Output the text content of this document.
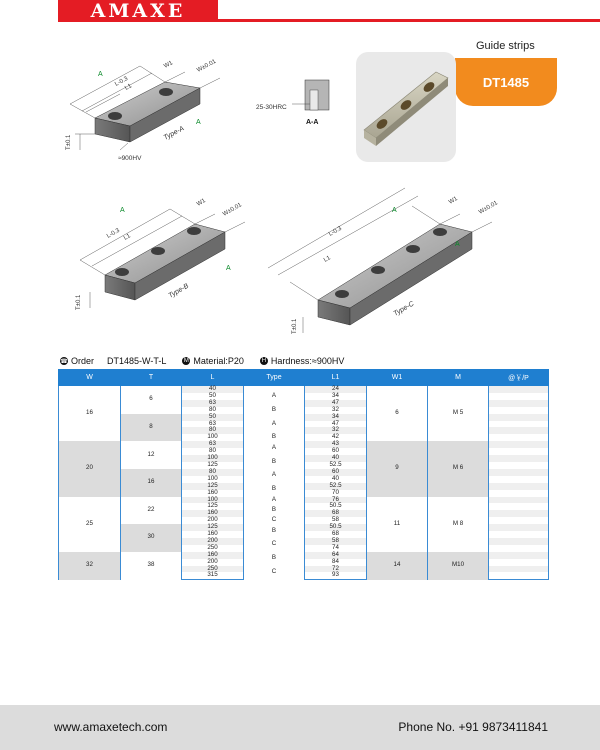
AMAXE
Guide strips
DT1485
A
A
L-0.3
L1
W1	W±0.01
T±0.1
Type-A
≈900HV
25-30HRC
A-A
A
A
L-0.3 L1
W1	W±0.01
T±0.1
Type-B
A
A
L-0.3
L1
W1	W±0.01
T±0.1
Type-C
☎ Order DT1485-W-T-L	M Material:P20	H Hardness:≈900HV
W	T	L	Type	L1	W1	M	@￥/P
16	6	40	A	24	6	M 5	
		50		34			
		63		47			
		80	B	32			
	8	50	A	34			
		63		47			
		80		32			
		100	B	42			
20	12	63	A	43	9	M 6	
		80		60			
		100	B	40			
		125		52.5			
	16	80	A	60			
		100		40			
		125	B	52.5			
		160		70			
25	22	100	A	76	11	M 8	
		125	B	50.5			
		160		68			
		200	C	58			
	30	125	B	50.5			
		160		68			
		200	C	58			
		250		74			
32	38	160	B	64	14	M10	
		200		84			
		250	C	72			
		315		93			
www.amaxetech.com	Phone No. +91 9873411841
